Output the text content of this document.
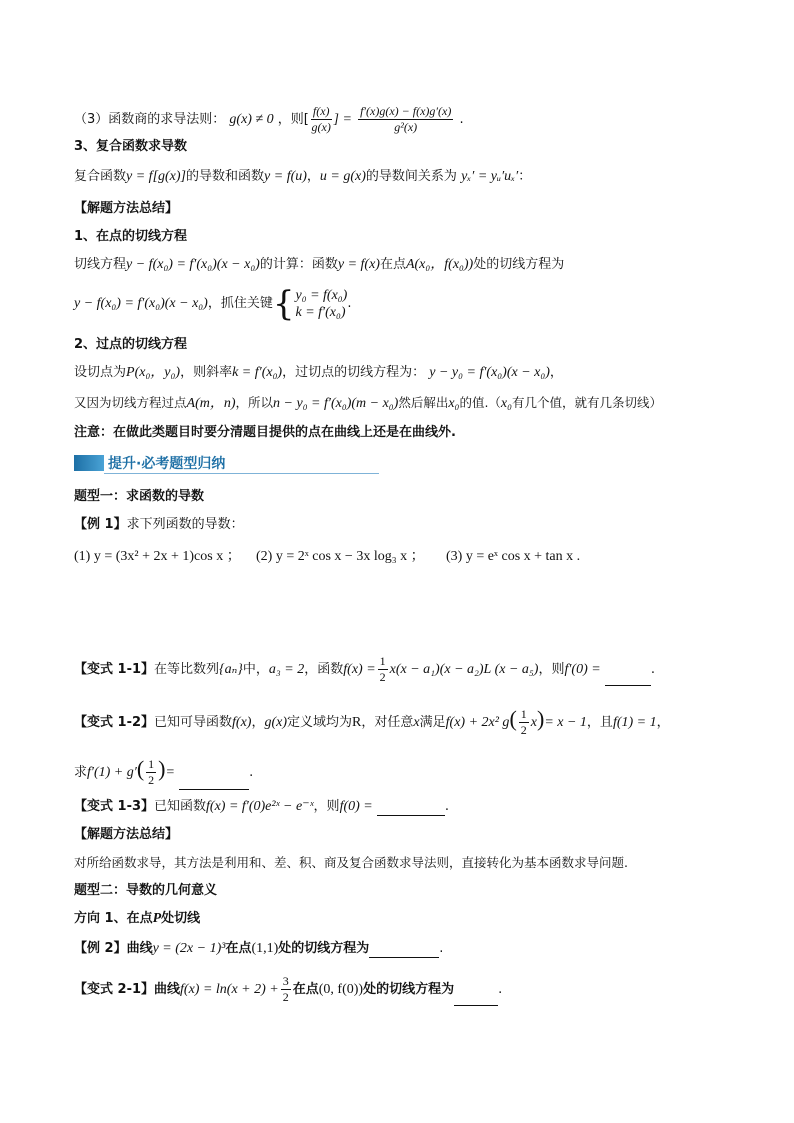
（3）函数商的求导法则： g(x) ≠ 0 ，则[ $\frac{f(x)}{g(x)}$ ] = $\frac{f'(x)g(x) - f(x)g'(x)}{\text{g²(x)}}$ .
3、复合函数求导数
复合函数y = f[g(x)]的导数和函数y = f(u)，u = g(x)的导数间关系为 yₓ′ = yᵤ′uₓ′：
【解题方法总结】
1、在点的切线方程
切线方程y − f(x₀) = f′(x₀)(x − x₀)的计算：函数y = f(x)在点A(x₀，f(x₀))处的切线方程为
y − f(x₀) = f′(x₀)(x − x₀)，抓住关键{ y₀ = f(x₀)
k = f′(x₀)
.
2、过点的切线方程
设切点为P(x₀，y₀)，则斜率k = f′(x₀)，过切点的切线方程为： y − y₀ = f′(x₀)(x − x₀)，
又因为切线方程过点A(m，n)，所以n − y₀ = f′(x₀)(m − x₀)然后解出x₀的值.（x₀有几个值，就有几条切线）
注意：在做此类题目时要分清题目提供的点在曲线上还是在曲线外.
提升·必考题型归纳
题型一：求函数的导数
【例 1】求下列函数的导数：
(1) y = (3x² + 2x + 1)cos x ； (2) y = 2ˣ cos x − 3x log₃ x ； (3) y = eˣ cos x + tan x .
【变式 1-1】在等比数列{aₙ}中，a₃ = 2，函数$f(x) = \frac{1}{2} x(x - a_1)(x - a_2)L$ (x − a₅)，则f′(0) =	.
【变式 1-2】已知可导函数f(x)，g(x)定义域均为R，对任意x满足f(x) + 2x² $g( \frac{1}{2} x)= x - 1$，且f(1) = 1，
求$f'(1) + g'( \frac{1}{2}$ )=	.
【变式 1-3】已知函数f(x) = f′(0)e²ˣ − e⁻ˣ，则f(0) =	.
【解题方法总结】
对所给函数求导，其方法是利用和、差、积、商及复合函数求导法则，直接转化为基本函数求导问题.
题型二：导数的几何意义
方向 1、在点P处切线
【例 2】曲线y = (2x − 1)³在点(1,1)处的切线方程为	.
【变式 2-1】曲线$f(x) = \ln(x + 2) + \frac{3}{2}$ 在点(0, f(0))处的切线方程为	.
